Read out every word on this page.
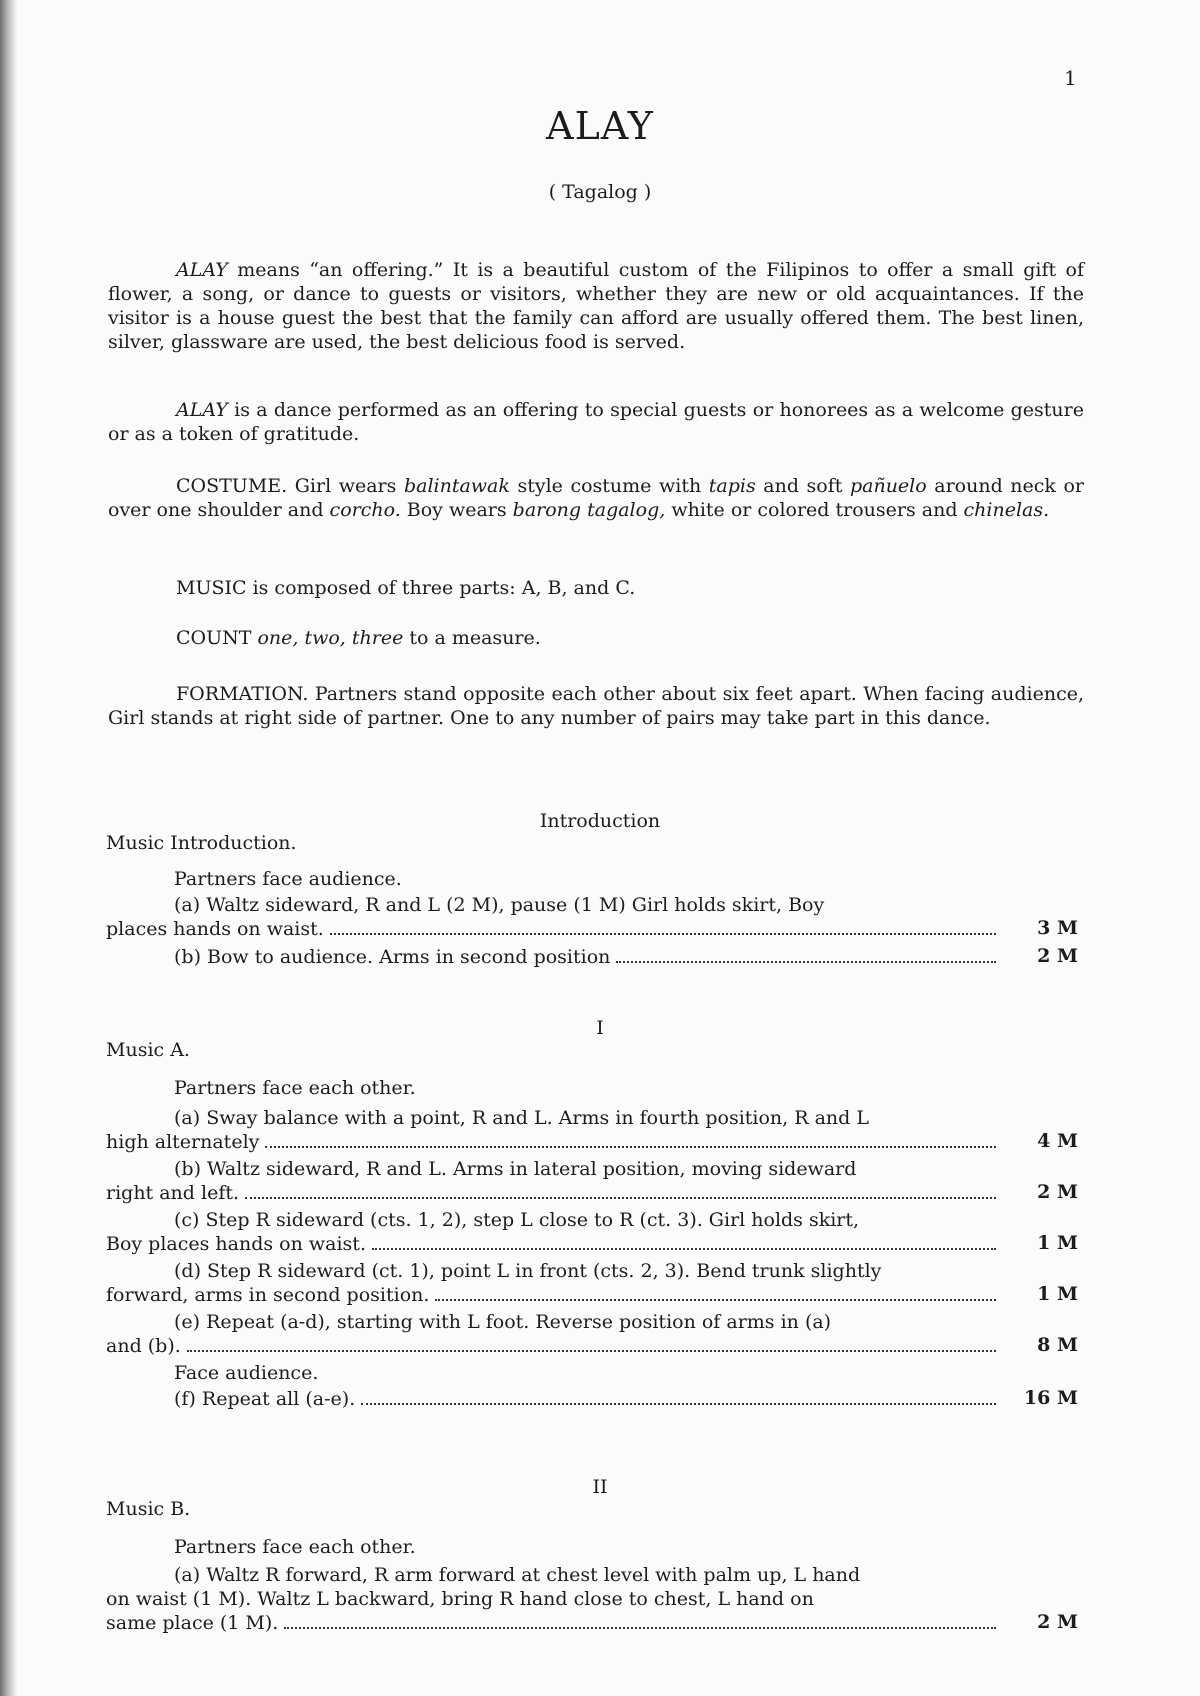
1
ALAY
( Tagalog )

ALAY means “an offering.” It is a beautiful custom of the Filipinos to offer a small gift of flower, a song, or dance to guests or visitors, whether they are new or old acquaintances. If the visitor is a house guest the best that the family can afford are usually offered them. The best linen, silver, glassware are used, the best delicious food is served.

ALAY is a dance performed as an offering to special guests or honorees as a welcome gesture or as a token of gratitude.

COSTUME. Girl wears balintawak style costume with tapis and soft pañuelo around neck or over one shoulder and corcho. Boy wears barong tagalog, white or colored trousers and chinelas.

MUSIC is composed of three parts: A, B, and C.
COUNT one, two, three to a measure.

FORMATION. Partners stand opposite each other about six feet apart. When facing audience, Girl stands at right side of partner. One to any number of pairs may take part in this dance.

Introduction
Music Introduction.
Partners face audience.
(a) Waltz sideward, R and L (2 M), pause (1 M) Girl holds skirt, Boy
places hands on waist.	3 M
(b) Bow to audience. Arms in second position	2 M
I
Music A.
Partners face each other.
(a) Sway balance with a point, R and L. Arms in fourth position, R and L
high alternately	4 M
(b) Waltz sideward, R and L. Arms in lateral position, moving sideward
right and left.	2 M
(c) Step R sideward (cts. 1, 2), step L close to R (ct. 3). Girl holds skirt,
Boy places hands on waist.	1 M
(d) Step R sideward (ct. 1), point L in front (cts. 2, 3). Bend trunk slightly
forward, arms in second position.	1 M
(e) Repeat (a-d), starting with L foot. Reverse position of arms in (a)
and (b).	8 M
Face audience.
(f) Repeat all (a-e).	16 M
II
Music B.
Partners face each other.
(a) Waltz R forward, R arm forward at chest level with palm up, L hand
on waist (1 M). Waltz L backward, bring R hand close to chest, L hand on
same place (1 M).	2 M
